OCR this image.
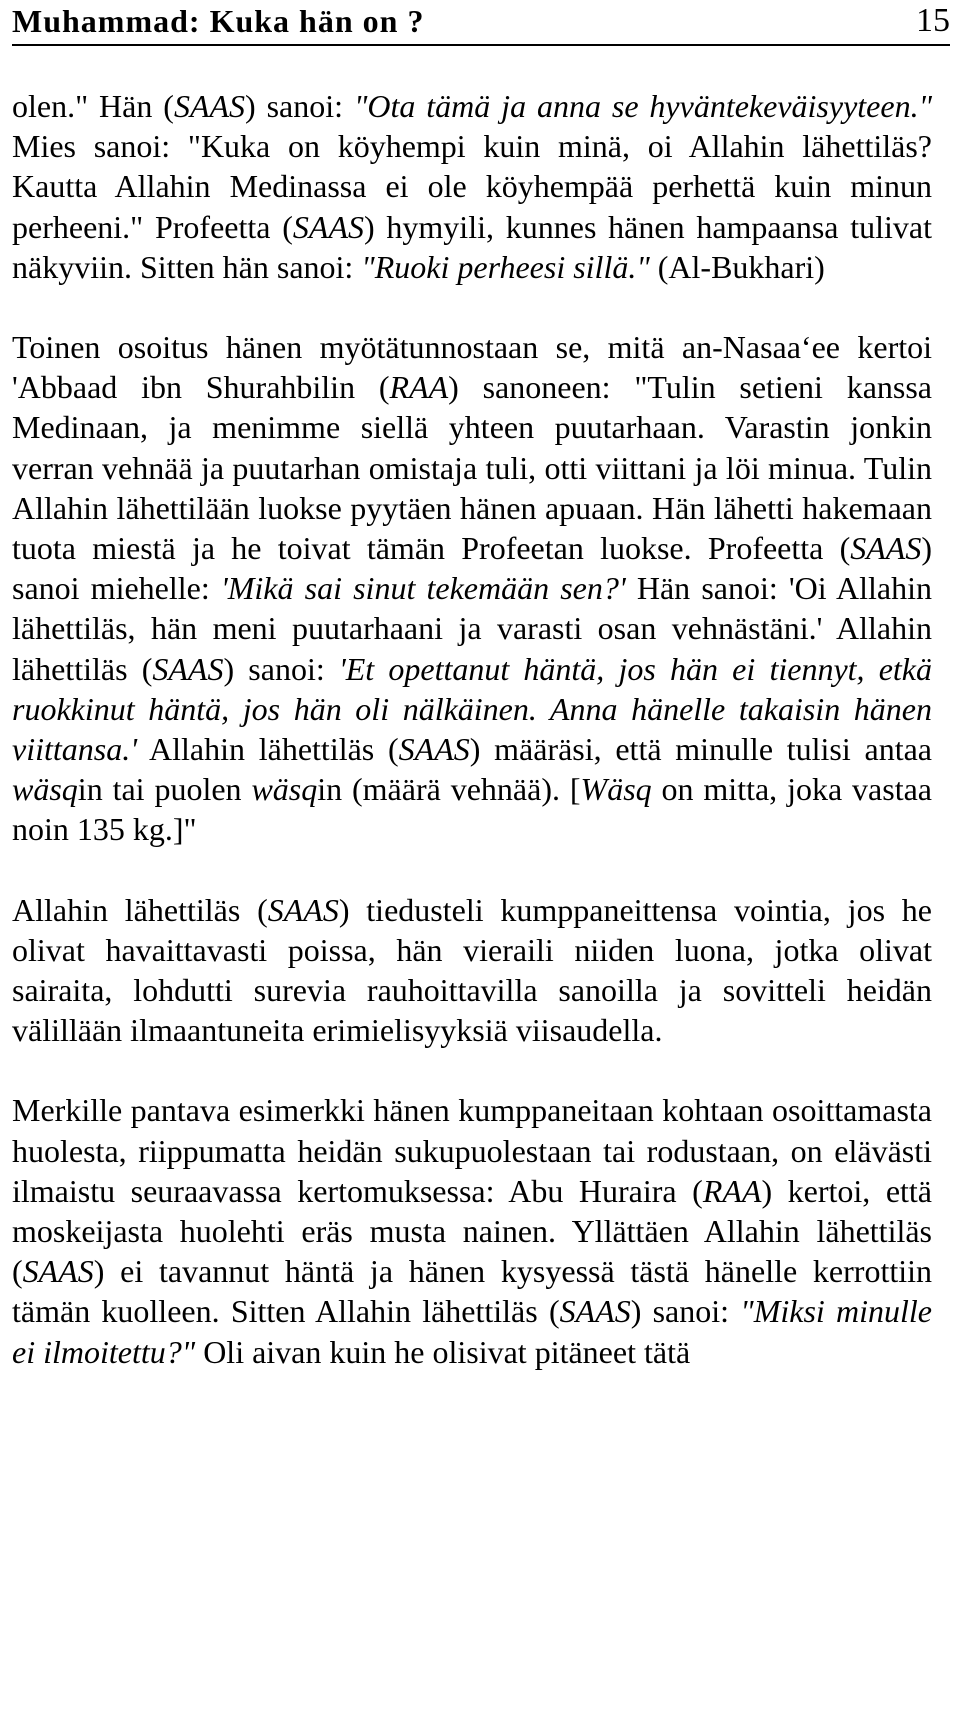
Muhammad: Kuka hän on ?	15

olen." Hän (SAAS) sanoi: "Ota tämä ja anna se hyväntekeväisyyteen." Mies sanoi: "Kuka on köyhempi kuin minä, oi Allahin lähettiläs? Kautta Allahin Medinassa ei ole köyhempää perhettä kuin minun perheeni." Profeetta (SAAS) hymyili, kunnes hänen hampaansa tulivat näkyviin. Sitten hän sanoi: "Ruoki perheesi sillä." (Al-Bukhari)

Toinen osoitus hänen myötätunnostaan se, mitä an-Nasaa‘ee kertoi 'Abbaad ibn Shurahbilin (RAA) sanoneen: "Tulin setieni kanssa Medinaan, ja menimme siellä yhteen puutarhaan. Varastin jonkin verran vehnää ja puutarhan omistaja tuli, otti viittani ja löi minua. Tulin Allahin lähettilään luokse pyytäen hänen apuaan. Hän lähetti hakemaan tuota miestä ja he toivat tämän Profeetan luokse. Profeetta (SAAS) sanoi miehelle: 'Mikä sai sinut tekemään sen?' Hän sanoi: 'Oi Allahin lähettiläs, hän meni puutarhaani ja varasti osan vehnästäni.' Allahin lähettiläs (SAAS) sanoi: 'Et opettanut häntä, jos hän ei tiennyt, etkä ruokkinut häntä, jos hän oli nälkäinen. Anna hänelle takaisin hänen viittansa.' Allahin lähettiläs (SAAS) määräsi, että minulle tulisi antaa wäsqin tai puolen wäsqin (määrä vehnää). [Wäsq on mitta, joka vastaa noin 135 kg.]"

Allahin lähettiläs (SAAS) tiedusteli kumppaneittensa vointia, jos he olivat havaittavasti poissa, hän vieraili niiden luona, jotka olivat sairaita, lohdutti surevia rauhoittavilla sanoilla ja sovitteli heidän välillään ilmaantuneita erimielisyyksiä viisaudella.

Merkille pantava esimerkki hänen kumppaneitaan kohtaan osoittamasta huolesta, riippumatta heidän sukupuolestaan tai rodustaan, on elävästi ilmaistu seuraavassa kertomuksessa: Abu Huraira (RAA) kertoi, että moskeijasta huolehti eräs musta nainen. Yllättäen Allahin lähettiläs (SAAS) ei tavannut häntä ja hänen kysyessä tästä hänelle kerrottiin tämän kuolleen. Sitten Allahin lähettiläs (SAAS) sanoi: "Miksi minulle ei ilmoitettu?" Oli aivan kuin he olisivat pitäneet tätä
